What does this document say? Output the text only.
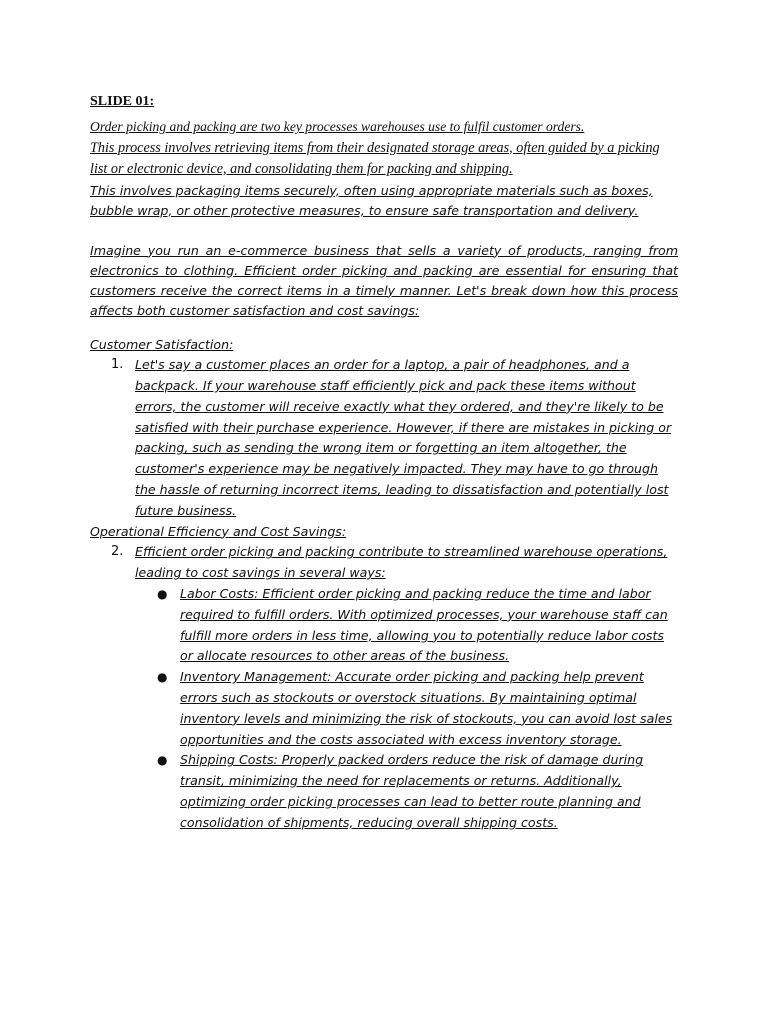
SLIDE 01:

Order picking and packing are two key processes warehouses use to fulfil customer orders.

This process involves retrieving items from their designated storage areas, often guided by a picking list or electronic device, and consolidating them for packing and shipping.

This involves packaging items securely, often using appropriate materials such as boxes, bubble wrap, or other protective measures, to ensure safe transportation and delivery.

Imagine you run an e-commerce business that sells a variety of products, ranging from electronics to clothing. Efficient order picking and packing are essential for ensuring that customers receive the correct items in a timely manner. Let's break down how this process affects both customer satisfaction and cost savings:

Customer Satisfaction:

1. Let's say a customer places an order for a laptop, a pair of headphones, and a backpack. If your warehouse staff efficiently pick and pack these items without errors, the customer will receive exactly what they ordered, and they're likely to be satisfied with their purchase experience. However, if there are mistakes in picking or packing, such as sending the wrong item or forgetting an item altogether, the customer's experience may be negatively impacted. They may have to go through the hassle of returning incorrect items, leading to dissatisfaction and potentially lost future business.

Operational Efficiency and Cost Savings:

2. Efficient order picking and packing contribute to streamlined warehouse operations, leading to cost savings in several ways:
● Labor Costs: Efficient order picking and packing reduce the time and labor required to fulfill orders. With optimized processes, your warehouse staff can fulfill more orders in less time, allowing you to potentially reduce labor costs or allocate resources to other areas of the business.
● Inventory Management: Accurate order picking and packing help prevent errors such as stockouts or overstock situations. By maintaining optimal inventory levels and minimizing the risk of stockouts, you can avoid lost sales opportunities and the costs associated with excess inventory storage.
● Shipping Costs: Properly packed orders reduce the risk of damage during transit, minimizing the need for replacements or returns. Additionally, optimizing order picking processes can lead to better route planning and consolidation of shipments, reducing overall shipping costs.
